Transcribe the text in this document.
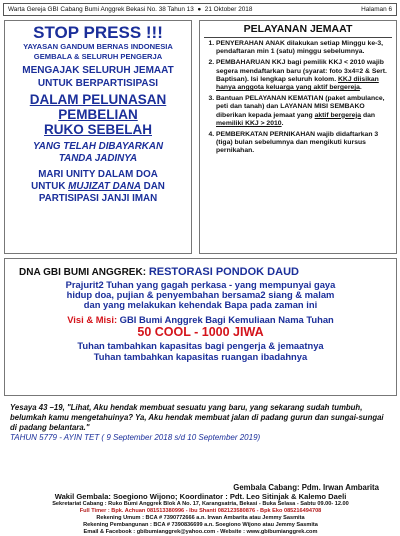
Warta Gereja GBI Cabang Bumi Anggrek Bekasi No. 38 Tahun 13 ● 21 Oktober 2018	Halaman 6
STOP PRESS !!!
YAYASAN GANDUM BERNAS INDONESIA
GEMBALA & SELURUH PENGERJA
MENGAJAK SELURUH JEMAAT
UNTUK BERPARTISIPASI
DALAM PELUNASAN
PEMBELIAN
RUKO SEBELAH
YANG TELAH DIBAYARKAN
TANDA JADINYA
MARI UNITY DALAM DOA
UNTUK MUJIZAT DANA DAN
PARTISIPASI JANJI IMAN
PELAYANAN JEMAAT
1. PENYERAHAN ANAK dilakukan setiap Minggu ke-3, pendaftaran min 1 (satu) minggu sebelumnya.
2. PEMBAHARUAN KKJ bagi pemilik KKJ < 2010 wajib segera mendaftarkan baru (syarat: foto 3x4=2 & Sert. Baptisan). Isi lengkap seluruh kolom. KKJ diisikan hanya anggota keluarga yang aktif bergereja.
3. Bantuan PELAYANAN KEMATIAN (paket ambulance, peti dan tanah) dan LAYANAN MISI SEMBAKO diberikan kepada jemaat yang aktif bergereja dan memiliki KKJ > 2010.
4. PEMBERKATAN PERNIKAHAN wajib didaftarkan 3 (tiga) bulan sebelumnya dan mengikuti kursus pernikahan.
DNA GBI BUMI ANGGREK: RESTORASI PONDOK DAUD
Prajurit2 Tuhan yang gagah perkasa - yang mempunyai gaya
hidup doa, pujian & penyembahan bersama2 siang & malam
dan yang melakukan kehendak Bapa pada zaman ini
Visi & Misi: GBI Bumi Anggrek Bagi Kemuliaan Nama Tuhan
50 COOL - 1000 JIWA
Tuhan tambahkan kapasitas bagi pengerja & jemaatnya
Tuhan tambahkan kapasitas ruangan ibadahnya
Yesaya 43 –19, "Lihat, Aku hendak membuat sesuatu yang baru, yang sekarang sudah tumbuh, belumkah kamu mengetahuinya? Ya, Aku hendak membuat jalan di padang gurun dan sungai-sungai di padang belantara."
TAHUN 5779 - AYIN TET ( 9 September 2018 s/d 10 September 2019)
Gembala Cabang: Pdm. Irwan Ambarita
Wakil Gembala: Soegiono Wijono; Koordinator : Pdt. Leo Sitinjak & Kalemo Daeli
Sekretariat Cabang : Ruko Bumi Anggrek Blok A No. 17, Karangsatria, Bekasi - Buka Selasa - Sabtu 09.00- 12.00
Full Timer : Bpk. Achuan 081513380996 - Ibu Shanti 082123580876 - Bpk Eko 085216494708
Rekening Umum : BCA # 7390772666 a.n. Irwan Ambarita atau Jemmy Sasmita
Rekening Pembangunan : BCA # 7390836699 a.n. Soegiono Wijono atau Jemmy Sasmita
Email & Facebook : gbibumianggrek@yahoo.com - Website : www.gbibumianggrek.com
